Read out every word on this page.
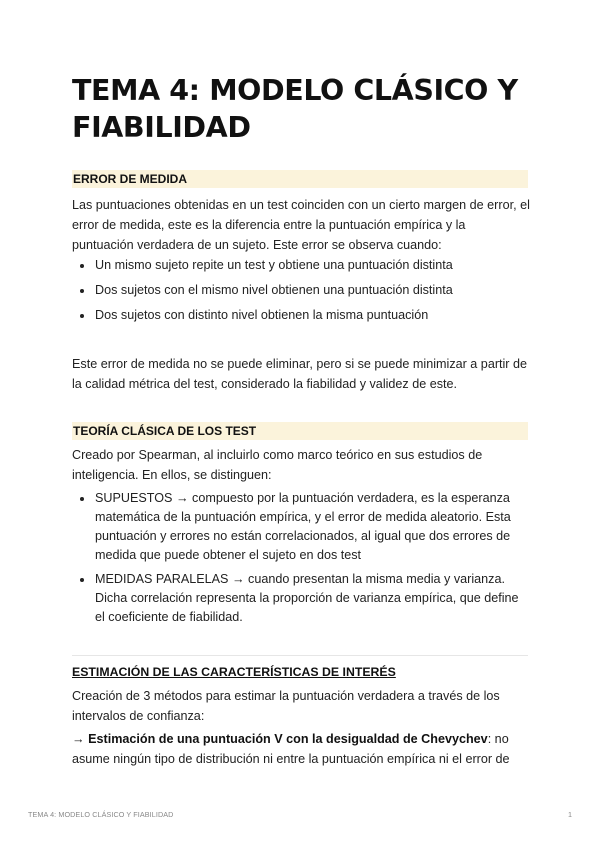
TEMA 4: MODELO CLÁSICO Y FIABILIDAD
ERROR DE MEDIDA

Las puntuaciones obtenidas en un test coinciden con un cierto margen de error, el error de medida, este es la diferencia entre la puntuación empírica y la puntuación verdadera de un sujeto. Este error se observa cuando:

Un mismo sujeto repite un test y obtiene una puntuación distinta
Dos sujetos con el mismo nivel obtienen una puntuación distinta
Dos sujetos con distinto nivel obtienen la misma puntuación

Este error de medida no se puede eliminar, pero si se puede minimizar a partir de la calidad métrica del test, considerado la fiabilidad y validez de este.

TEORÍA CLÁSICA DE LOS TEST

Creado por Spearman, al incluirlo como marco teórico en sus estudios de inteligencia. En ellos, se distinguen:

SUPUESTOS → compuesto por la puntuación verdadera, es la esperanza matemática de la puntuación empírica, y el error de medida aleatorio. Esta puntuación y errores no están correlacionados, al igual que dos errores de medida que puede obtener el sujeto en dos test
MEDIDAS PARALELAS → cuando presentan la misma media y varianza. Dicha correlación representa la proporción de varianza empírica, que define el coeficiente de fiabilidad.
ESTIMACIÓN DE LAS CARACTERÍSTICAS DE INTERÉS

Creación de 3 métodos para estimar la puntuación verdadera a través de los intervalos de confianza:

→ Estimación de una puntuación V con la desigualdad de Chevychev: no asume ningún tipo de distribución ni entre la puntuación empírica ni el error de

TEMA 4: MODELO CLÁSICO Y FIABILIDAD	1
